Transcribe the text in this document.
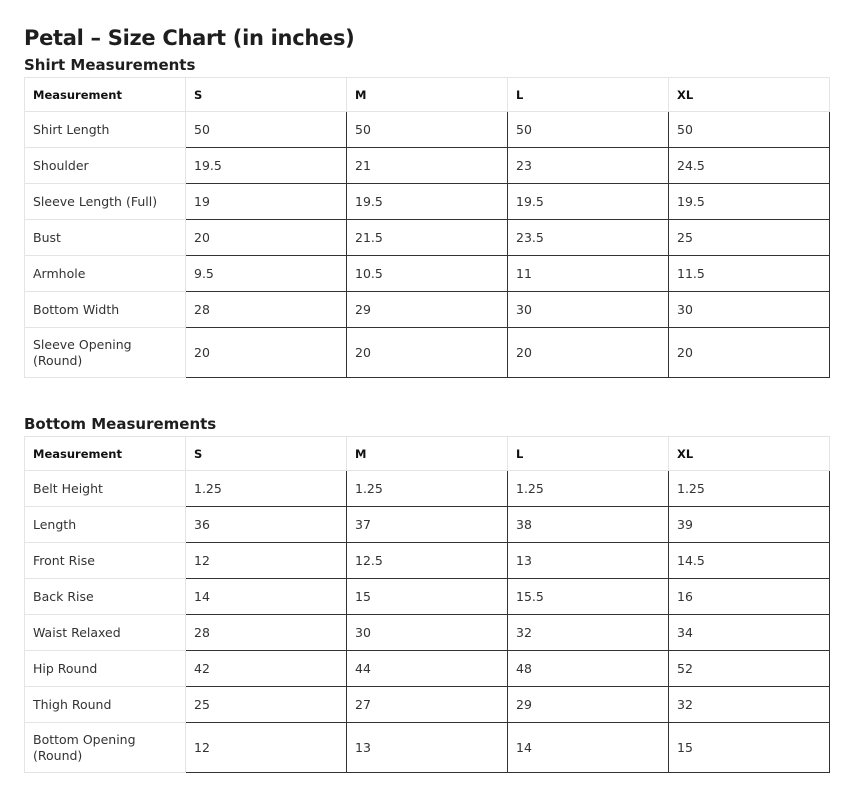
Petal – Size Chart (in inches)
Shirt Measurements
Measurement	S	M	L	XL
Shirt Length	50	50	50	50
Shoulder	19.5	21	23	24.5
Sleeve Length (Full)	19	19.5	19.5	19.5
Bust	20	21.5	23.5	25
Armhole	9.5	10.5	11	11.5
Bottom Width	28	29	30	30
Sleeve Opening (Round)	20	20	20	20
Bottom Measurements
Measurement	S	M	L	XL
Belt Height	1.25	1.25	1.25	1.25
Length	36	37	38	39
Front Rise	12	12.5	13	14.5
Back Rise	14	15	15.5	16
Waist Relaxed	28	30	32	34
Hip Round	42	44	48	52
Thigh Round	25	27	29	32
Bottom Opening (Round)	12	13	14	15
